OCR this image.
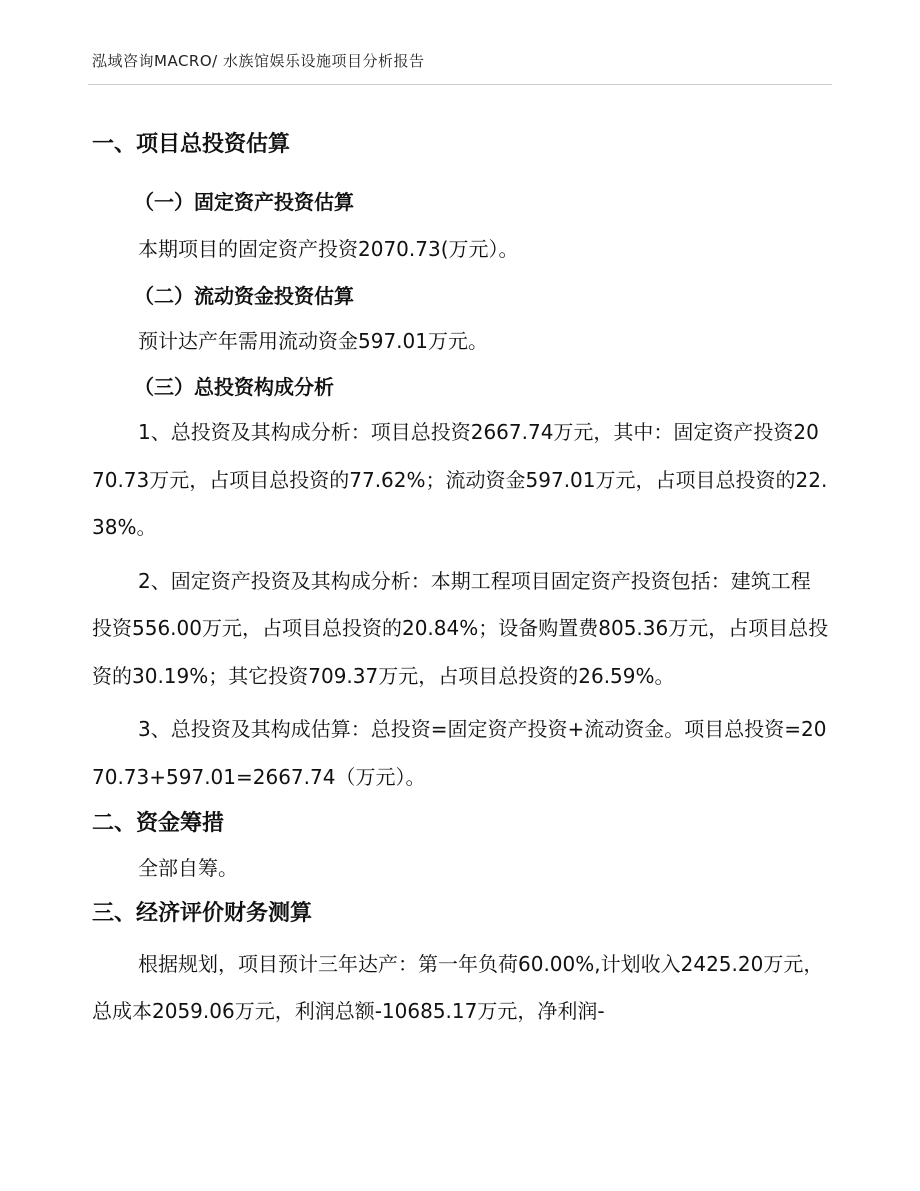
泓域咨询MACRO/ 水族馆娱乐设施项目分析报告
一、项目总投资估算
（一）固定资产投资估算
本期项目的固定资产投资2070.73(万元）。
（二）流动资金投资估算
预计达产年需用流动资金597.01万元。
（三）总投资构成分析
1、总投资及其构成分析：项目总投资2667.74万元，其中：固定资产投资2070.73万元，占项目总投资的77.62%；流动资金597.01万元，占项目总投资的22.38%。
2、固定资产投资及其构成分析：本期工程项目固定资产投资包括：建筑工程投资556.00万元，占项目总投资的20.84%；设备购置费805.36万元，占项目总投资的30.19%；其它投资709.37万元，占项目总投资的26.59%。
3、总投资及其构成估算：总投资=固定资产投资+流动资金。项目总投资=2070.73+597.01=2667.74（万元）。
二、资金筹措
全部自筹。
三、经济评价财务测算
根据规划，项目预计三年达产：第一年负荷60.00%,计划收入2425.20万元，总成本2059.06万元，利润总额-10685.17万元，净利润-
